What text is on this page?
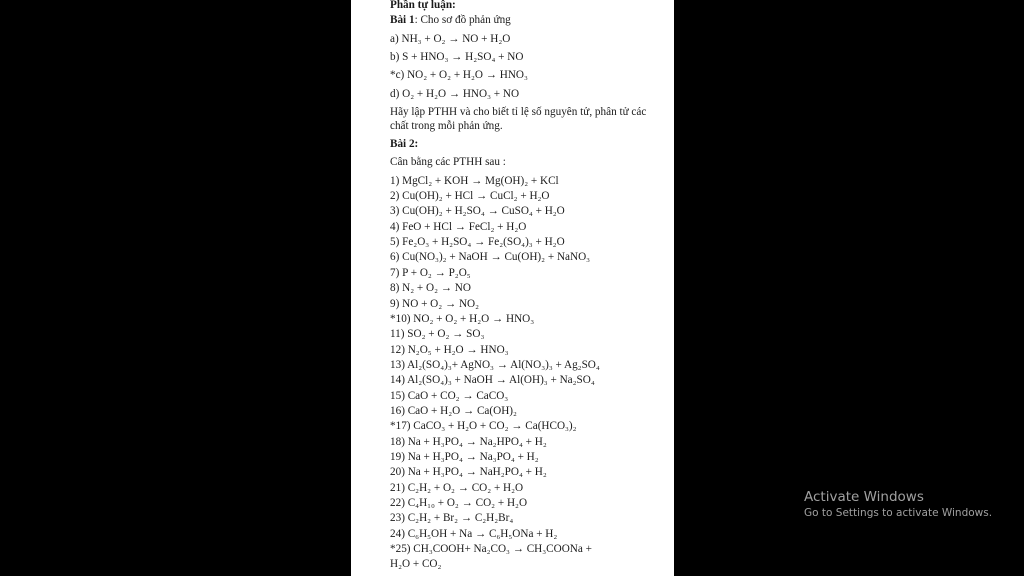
Phần tự luận:
Bài 1: Cho sơ đồ phản ứng
a) NH₃ + O₂ → NO + H₂O
b) S + HNO₃ → H₂SO₄ + NO
*c) NO₂ + O₂ + H₂O → HNO₃
d) O₂ + H₂O → HNO₃ + NO
Hãy lập PTHH và cho biết tỉ lệ số nguyên tử, phân tử các chất trong mỗi phản ứng.
Bài 2:
Cân bằng các PTHH sau :
1) MgCl₂ + KOH → Mg(OH)₂ + KCl
2) Cu(OH)₂ + HCl → CuCl₂ + H₂O
3) Cu(OH)₂ + H₂SO₄ → CuSO₄ + H₂O
4) FeO + HCl → FeCl₂ + H₂O
5) Fe₂O₃ + H₂SO₄ → Fe₂(SO₄)₃ + H₂O
6) Cu(NO₃)₂ + NaOH → Cu(OH)₂ + NaNO₃
7) P + O₂ → P₂O₅
8) N₂ + O₂ → NO
9) NO + O₂ → NO₂
*10) NO₂ + O₂ + H₂O → HNO₃
11) SO₂ + O₂ → SO₃
12) N₂O₅ + H₂O → HNO₃
13) Al₂(SO₄)₃+ AgNO₃ → Al(NO₃)₃ + Ag₂SO₄
14) Al₂(SO₄)₃ + NaOH → Al(OH)₃ + Na₂SO₄
15) CaO + CO₂ → CaCO₃
16) CaO + H₂O → Ca(OH)₂
*17) CaCO₃ + H₂O + CO₂ → Ca(HCO₃)₂
18) Na + H₃PO₄ → Na₂HPO₄ + H₂
19) Na + H₃PO₄ → Na₃PO₄ + H₂
20) Na + H₃PO₄ → NaH₂PO₄ + H₂
21) C₂H₂ + O₂ → CO₂ + H₂O
22) C₄H₁₀ + O₂ → CO₂ + H₂O
23) C₂H₂ + Br₂ → C₂H₂Br₄
24) C₆H₅OH + Na → C₆H₅ONa + H₂
*25) CH₃COOH+ Na₂CO₃ → CH₃COONa +
H₂O + CO₂
Activate Windows
Go to Settings to activate Windows.
